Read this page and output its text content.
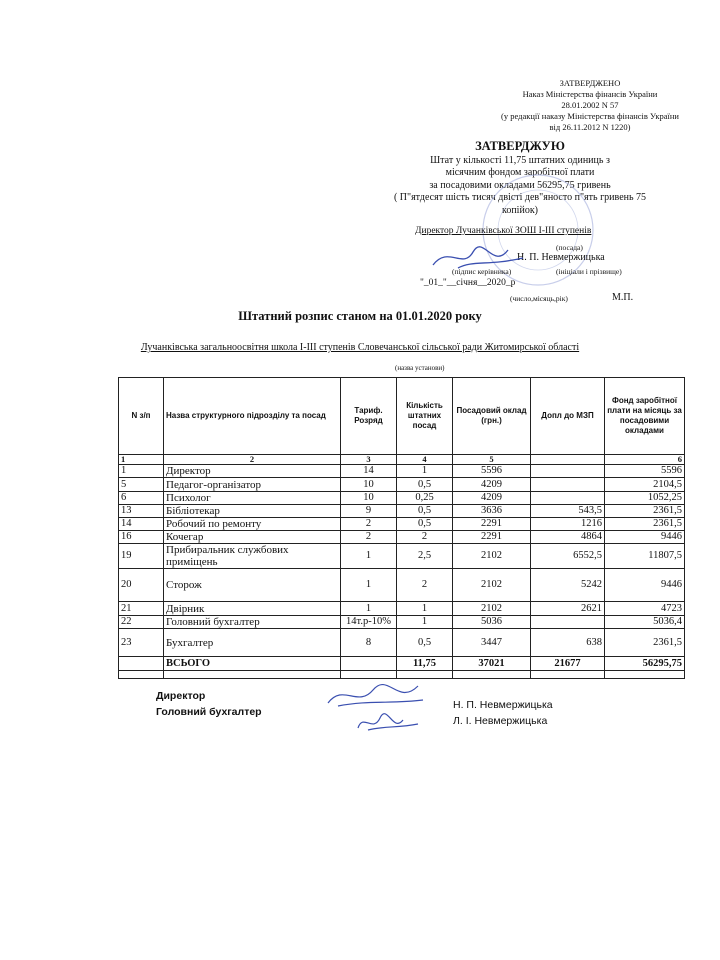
ЗАТВЕРДЖЕНО
Наказ Міністерства фінансів України
28.01.2002 N 57
(у редакції наказу Міністерства фінансів України
від 26.11.2012 N 1220)
ЗАТВЕРДЖУЮ
Штат у кількості 11,75 штатних одиниць з
місячним фондом заробітної плати
за посадовими окладами 56295,75 гривень
( П"ятдесят шість тисяч двісті дев"яносто п"ять гривень 75
копійок)
Директор Лучанківської ЗОШ І-ІІІ ступенів
(посада)
Н. П. Невмержицька
(підпис керівника)	(ініціали і прізвище)
"_01_"__січня__2020_р
(число,місяць,рік)	М.П.
Штатний розпис станом на 01.01.2020 року
Лучанківська загальноосвітня школа І-ІІІ ступенів Словечанської сільської ради Житомирської області
(назва установи)
N з/п	Назва структурного підрозділу та посад	Тариф. Розряд	Кількість штатних посад	Посадовий оклад (грн.)	Допл до МЗП	Фонд заробітної плати на місяць за посадовими окладами
1	2	3	4	5		6
1	Директор	14	1	5596		5596
5	Педагог-організатор	10	0,5	4209		2104,5
6	Психолог	10	0,25	4209		1052,25
13	Бібліотекар	9	0,5	3636	543,5	2361,5
14	Робочий по ремонту	2	0,5	2291	1216	2361,5
16	Кочегар	2	2	2291	4864	9446
19	Прибиральник службових приміщень	1	2,5	2102	6552,5	11807,5
20	Сторож	1	2	2102	5242	9446
21	Двірник	1	1	2102	2621	4723
22	Головний бухгалтер	14т.р-10%	1	5036		5036,4
23	Бухгалтер	8	0,5	3447	638	2361,5
	ВСЬОГО		11,75	37021	21677	56295,75

Директор
Головний бухгалтер
Н. П. Невмержицька
Л. І. Невмержицька
